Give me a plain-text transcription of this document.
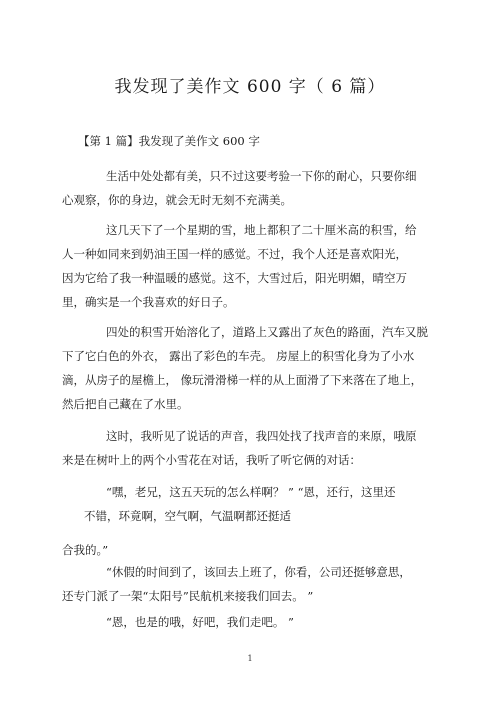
我发现了美作文 600 字（ 6 篇）
【第 1 篇】我发现了美作文 600 字
生活中处处都有美，只不过这要考验一下你的耐心，只要你细
心观察，你的身边，就会无时无刻不充满美。
这几天下了一个星期的雪，地上都积了二十厘米高的积雪，给
人一种如同来到奶油王国一样的感觉。不过，我个人还是喜欢阳光，
因为它给了我一种温暖的感觉。这不，大雪过后，阳光明媚，晴空万
里，确实是一个我喜欢的好日子。
四处的积雪开始溶化了，道路上又露出了灰色的路面，汽车又脱
下了它白色的外衣， 露出了彩色的车壳。 房屋上的积雪化身为了小水
滴，从房子的屋檐上， 像玩滑滑梯一样的从上面滑了下来落在了地上，
然后把自己藏在了水里。
这时，我听见了说话的声音，我四处找了找声音的来原，哦原
来是在树叶上的两个小雪花在对话，我听了听它俩的对话：
“嘿，老兄，这五天玩的怎么样啊？ ” “恩，还行，这里还
不错，环竟啊，空气啊，气温啊都还挺适
合我的。”
“休假的时间到了，该回去上班了，你看，公司还挺够意思，
还专门派了一架“太阳号”民航机来接我们回去。 ”
“恩，也是的哦，好吧，我们走吧。 ”
1
